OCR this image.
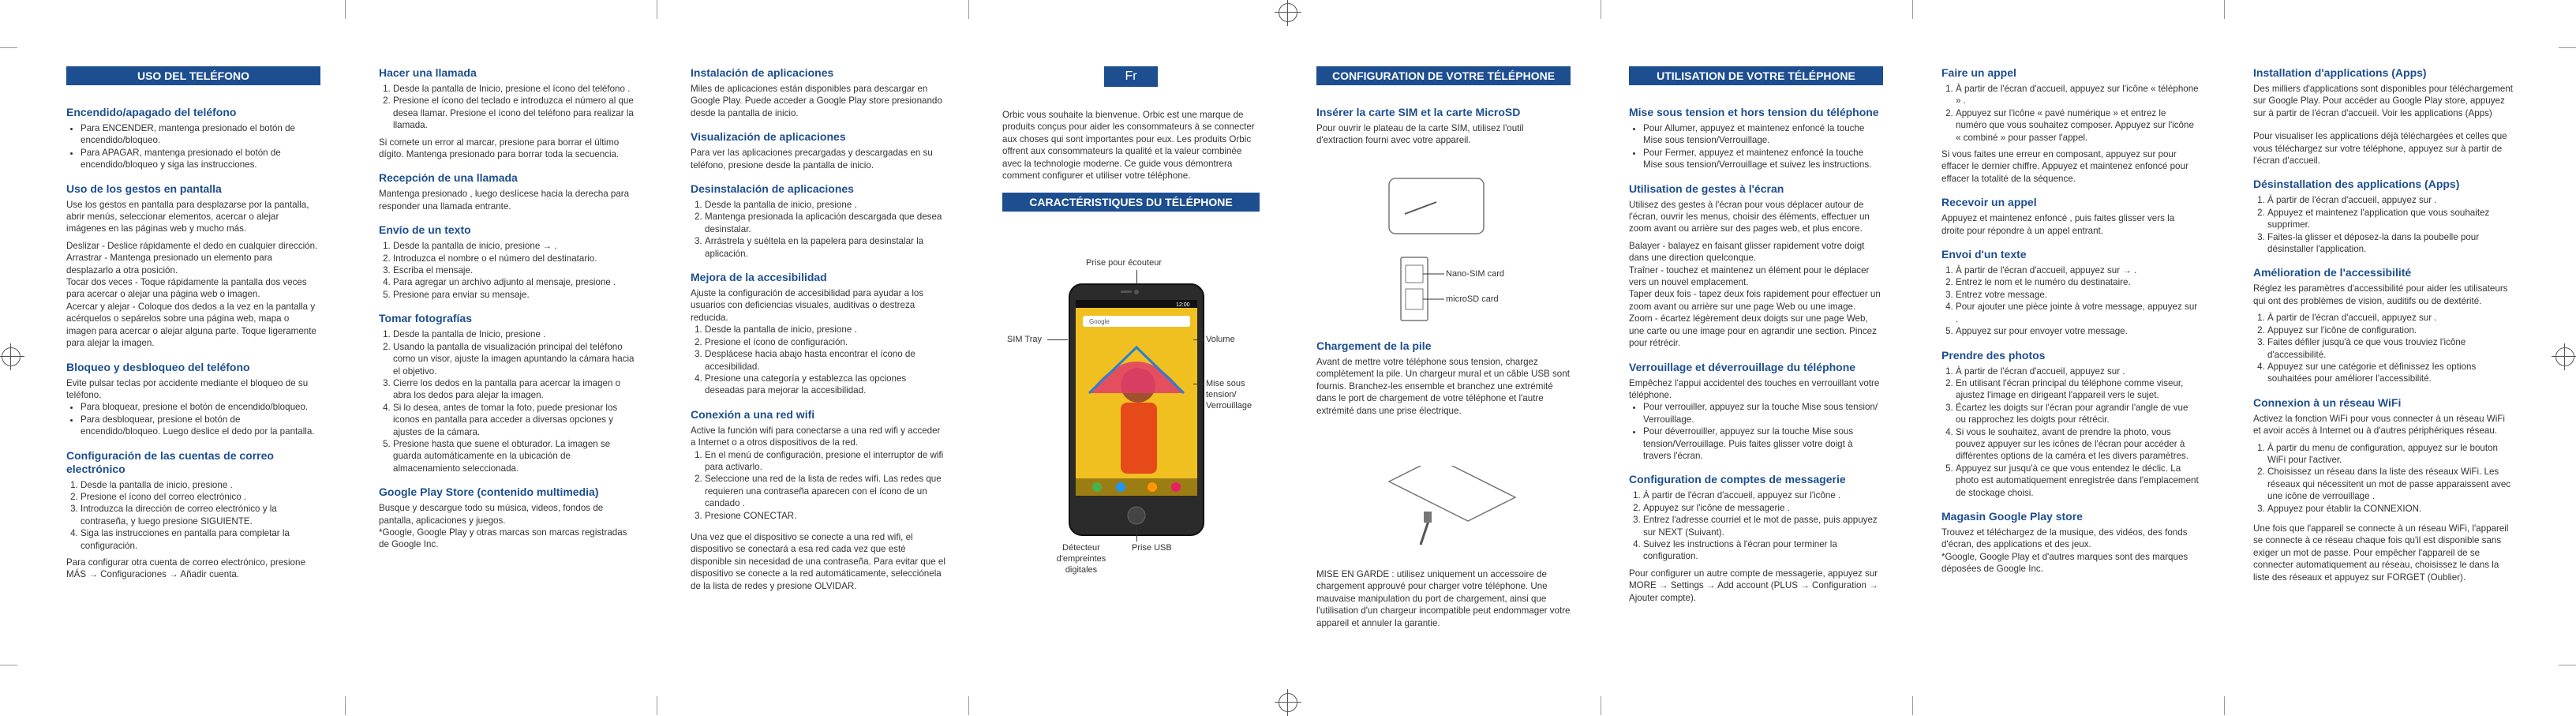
USO DEL TELÉFONO
Encendido/apagado del teléfono
• Para ENCENDER, mantenga presionado el botón de encendido/bloqueo.
• Para APAGAR, mantenga presionado el botón de encendido/bloqueo y siga las instrucciones.
Uso de los gestos en pantalla

Use los gestos en pantalla para desplazarse por la pantalla, abrir menús, seleccionar elementos, acercar o alejar imágenes en las páginas web y mucho más.

Deslizar - Deslice rápidamente el dedo en cualquier dirección.

Arrastrar - Mantenga presionado un elemento para desplazarlo a otra posición.

Tocar dos veces - Toque rápidamente la pantalla dos veces para acercar o alejar una página web o imagen.

Acercar y alejar - Coloque dos dedos a la vez en la pantalla y acérquelos o sepárelos sobre una página web, mapa o imagen para acercar o alejar alguna parte. Toque ligeramente para alejar la imagen.

Bloqueo y desbloqueo del teléfono

Evite pulsar teclas por accidente mediante el bloqueo de su teléfono.

• Para bloquear, presione el botón de encendido/bloqueo.
• Para desbloquear, presione el botón de encendido/bloqueo. Luego deslice el dedo por la pantalla.
Configuración de las cuentas de correo electrónico
1. Desde la pantalla de inicio, presione .
2. Presione el ícono del correo electrónico .
3. Introduzca la dirección de correo electrónico y la contraseña, y luego presione SIGUIENTE.
4. Siga las instrucciones en pantalla para completar la configuración.

Para configurar otra cuenta de correo electrónico, presione MÁS → Configuraciones → Añadir cuenta.

Hacer una llamada
1. Desde la pantalla de Inicio, presione el ícono del teléfono .
2. Presione el ícono del teclado e introduzca el número al que desea llamar. Presione el ícono del teléfono para realizar la llamada.

Si comete un error al marcar, presione para borrar el último dígito. Mantenga presionado para borrar toda la secuencia.

Recepción de una llamada

Mantenga presionado , luego deslícese hacia la derecha para responder una llamada entrante.

Envío de un texto
1. Desde la pantalla de inicio, presione → .
2. Introduzca el nombre o el número del destinatario.
3. Escriba el mensaje.
4. Para agregar un archivo adjunto al mensaje, presione .
5. Presione para enviar su mensaje.
Tomar fotografías
1. Desde la pantalla de Inicio, presione .
2. Usando la pantalla de visualización principal del teléfono como un visor, ajuste la imagen apuntando la cámara hacia el objetivo.
3. Cierre los dedos en la pantalla para acercar la imagen o abra los dedos para alejar la imagen.
4. Si lo desea, antes de tomar la foto, puede presionar los iconos en pantalla para acceder a diversas opciones y ajustes de la cámara.
5. Presione hasta que suene el obturador. La imagen se guarda automáticamente en la ubicación de almacenamiento seleccionada.
Google Play Store (contenido multimedia)

Busque y descargue todo su música, videos, fondos de pantalla, aplicaciones y juegos.

*Google, Google Play y otras marcas son marcas registradas de Google Inc.

Instalación de aplicaciones

Miles de aplicaciones están disponibles para descargar en Google Play. Puede acceder a Google Play store presionando desde la pantalla de inicio.

Visualización de aplicaciones

Para ver las aplicaciones precargadas y descargadas en su teléfono, presione desde la pantalla de inicio.

Desinstalación de aplicaciones
1. Desde la pantalla de inicio, presione .
2. Mantenga presionada la aplicación descargada que desea desinstalar.
3. Arrástrela y suéltela en la papelera para desinstalar la aplicación.
Mejora de la accesibilidad

Ajuste la configuración de accesibilidad para ayudar a los usuarios con deficiencias visuales, auditivas o destreza reducida.

1. Desde la pantalla de inicio, presione .
2. Presione el ícono de configuración.
3. Desplácese hacia abajo hasta encontrar el ícono de accesibilidad.
4. Presione una categoría y establezca las opciones deseadas para mejorar la accesibilidad.
Conexión a una red wifi

Active la función wifi para conectarse a una red wifi y acceder a Internet o a otros dispositivos de la red.

1. En el menú de configuración, presione el interruptor de wifi para activarlo.
2. Seleccione una red de la lista de redes wifi. Las redes que requieren una contraseña aparecen con el ícono de un candado .
3. Presione CONECTAR.

Una vez que el dispositivo se conecte a una red wifi, el dispositivo se conectará a esa red cada vez que esté disponible sin necesidad de una contraseña. Para evitar que el dispositivo se conecte a la red automáticamente, selecciónela de la lista de redes y presione OLVIDAR.

Fr

Orbic vous souhaite la bienvenue. Orbic est une marque de produits conçus pour aider les consommateurs à se connecter aux choses qui sont importantes pour eux. Les produits Orbic offrent aux consommateurs la qualité et la valeur combinée avec la technologie moderne. Ce guide vous démontrera comment configurer et utiliser votre téléphone.

CARACTÉRISTIQUES DU TÉLÉPHONE
Google
12:00
Prise pour écouteur
SIM Tray	Volume
Mise sous tension/ Verrouillage
Détecteur d'empreintes digitales
Prise USB
CONFIGURATION DE VOTRE TÉLÉPHONE
Insérer la carte SIM et la carte MicroSD

Pour ouvrir le plateau de la carte SIM, utilisez l'outil d'extraction fourni avec votre appareil.

Nano-SIM card
microSD card
Chargement de la pile

Avant de mettre votre téléphone sous tension, chargez complètement la pile. Un chargeur mural et un câble USB sont fournis. Branchez-les ensemble et branchez une extrémité dans le port de chargement de votre téléphone et l'autre extrémité dans une prise électrique.

MISE EN GARDE : utilisez uniquement un accessoire de chargement approuvé pour charger votre téléphone. Une mauvaise manipulation du port de chargement, ainsi que l'utilisation d'un chargeur incompatible peut endommager votre appareil et annuler la garantie.

UTILISATION DE VOTRE TÉLÉPHONE
Mise sous tension et hors tension du téléphone
• Pour Allumer, appuyez et maintenez enfoncé la touche Mise sous tension/Verrouillage.
• Pour Fermer, appuyez et maintenez enfoncé la touche Mise sous tension/Verrouillage et suivez les instructions.
Utilisation de gestes à l'écran

Utilisez des gestes à l'écran pour vous déplacer autour de l'écran, ouvrir les menus, choisir des éléments, effectuer un zoom avant ou arrière sur des pages web, et plus encore.

Balayer - balayez en faisant glisser rapidement votre doigt dans une direction quelconque.

Traîner - touchez et maintenez un élément pour le déplacer vers un nouvel emplacement.

Taper deux fois - tapez deux fois rapidement pour effectuer un zoom avant ou arrière sur une page Web ou une image.

Zoom - écartez légèrement deux doigts sur une page Web, une carte ou une image pour en agrandir une section. Pincez pour rétrécir.

Verrouillage et déverrouillage du téléphone

Empêchez l'appui accidentel des touches en verrouillant votre téléphone.

• Pour verrouiller, appuyez sur la touche Mise sous tension/ Verrouillage.
• Pour déverrouiller, appuyez sur la touche Mise sous tension/Verrouillage. Puis faites glisser votre doigt à travers l'écran.
Configuration de comptes de messagerie
1. À partir de l'écran d'accueil, appuyez sur l'icône .
2. Appuyez sur l'icône de messagerie .
3. Entrez l'adresse courriel et le mot de passe, puis appuyez sur NEXT (Suivant).
4. Suivez les instructions à l'écran pour terminer la configuration.

Pour configurer un autre compte de messagerie, appuyez sur MORE → Settings → Add account (PLUS → Configuration → Ajouter compte).

Faire un appel
1. À partir de l'écran d'accueil, appuyez sur l'icône « téléphone » .
2. Appuyez sur l'icône « pavé numérique » et entrez le numéro que vous souhaitez composer. Appuyez sur l'icône « combiné » pour passer l'appel.

Si vous faites une erreur en composant, appuyez sur pour effacer le dernier chiffre. Appuyez et maintenez enfoncé pour effacer la totalité de la séquence.

Recevoir un appel

Appuyez et maintenez enfoncé , puis faites glisser vers la droite pour répondre à un appel entrant.

Envoi d'un texte
1. À partir de l'écran d'accueil, appuyez sur → .
2. Entrez le nom et le numéro du destinataire.
3. Entrez votre message.
4. Pour ajouter une pièce jointe à votre message, appuyez sur .
5. Appuyez sur pour envoyer votre message.
Prendre des photos
1. À partir de l'écran d'accueil, appuyez sur .
2. En utilisant l'écran principal du téléphone comme viseur, ajustez l'image en dirigeant l'appareil vers le sujet.
3. Écartez les doigts sur l'écran pour agrandir l'angle de vue ou rapprochez les doigts pour rétrécir.
4. Si vous le souhaitez, avant de prendre la photo, vous pouvez appuyer sur les icônes de l'écran pour accéder à différentes options de la caméra et les divers paramètres.
5. Appuyez sur jusqu'à ce que vous entendez le déclic. La photo est automatiquement enregistrée dans l'emplacement de stockage choisi.
Magasin Google Play store

Trouvez et téléchargez de la musique, des vidéos, des fonds d'écran, des applications et des jeux.

*Google, Google Play et d'autres marques sont des marques déposées de Google Inc.

Installation d'applications (Apps)

Des milliers d'applications sont disponibles pour téléchargement sur Google Play. Pour accéder au Google Play store, appuyez sur à partir de l'écran d'accueil. Voir les applications (Apps)

Pour visualiser les applications déjà téléchargées et celles que vous téléchargez sur votre téléphone, appuyez sur à partir de l'écran d'accueil.

Désinstallation des applications (Apps)
1. À partir de l'écran d'accueil, appuyez sur .
2. Appuyez et maintenez l'application que vous souhaitez supprimer.
3. Faites-la glisser et déposez-la dans la poubelle pour désinstaller l'application.
Amélioration de l'accessibilité

Réglez les paramètres d'accessibilité pour aider les utilisateurs qui ont des problèmes de vision, auditifs ou de dextérité.

1. À partir de l'écran d'accueil, appuyez sur .
2. Appuyez sur l'icône de configuration.
3. Faites défiler jusqu'à ce que vous trouviez l'icône d'accessibilité.
4. Appuyez sur une catégorie et définissez les options souhaitées pour améliorer l'accessibilité.
Connexion à un réseau WiFi

Activez la fonction WiFi pour vous connecter à un réseau WiFi et avoir accès à Internet ou à d'autres périphériques réseau.

1. À partir du menu de configuration, appuyez sur le bouton WiFi pour l'activer.
2. Choisissez un réseau dans la liste des réseaux WiFi. Les réseaux qui nécessitent un mot de passe apparaissent avec une icône de verrouillage .
3. Appuyez pour établir la CONNEXION.

Une fois que l'appareil se connecte à un réseau WiFi, l'appareil se connecte à ce réseau chaque fois qu'il est disponible sans exiger un mot de passe. Pour empêcher l'appareil de se connecter automatiquement au réseau, choisissez le dans la liste des réseaux et appuyez sur FORGET (Oublier).
